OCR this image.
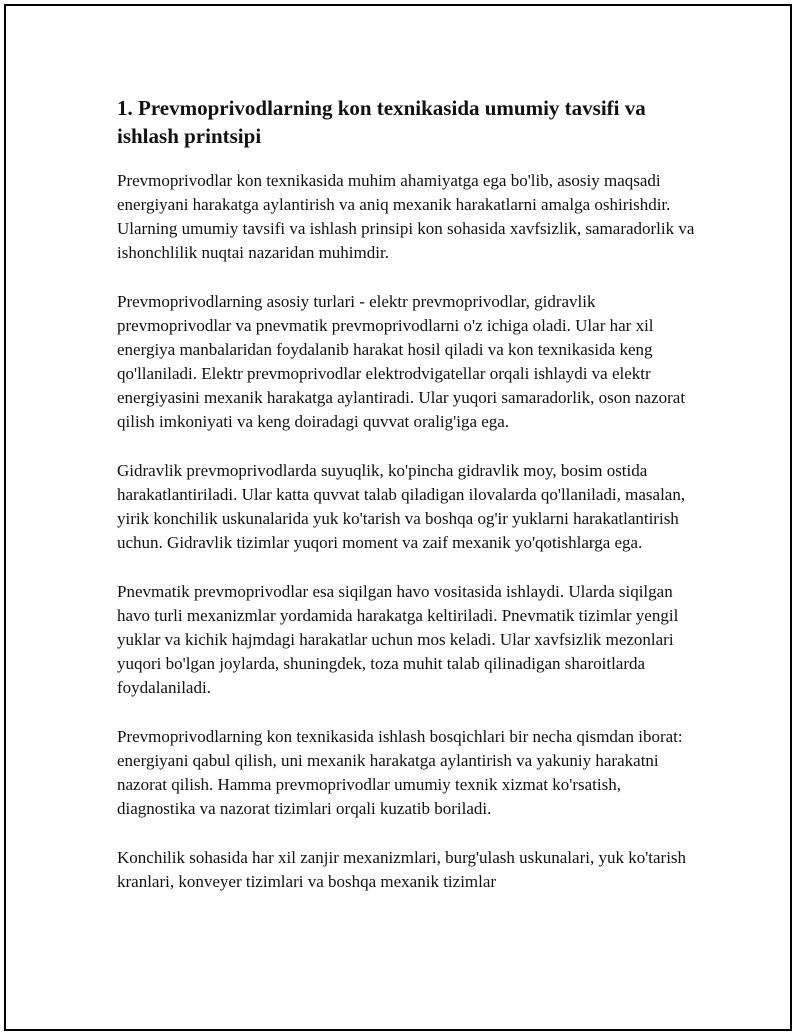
1. Prevmoprivodlarning kon texnikasida umumiy tavsifi va ishlash printsipi

Prevmoprivodlar kon texnikasida muhim ahamiyatga ega bo'lib, asosiy maqsadi energiyani harakatga aylantirish va aniq mexanik harakatlarni amalga oshirishdir. Ularning umumiy tavsifi va ishlash prinsipi kon sohasida xavfsizlik, samaradorlik va ishonchlilik nuqtai nazaridan muhimdir.

Prevmoprivodlarning asosiy turlari - elektr prevmoprivodlar, gidravlik prevmoprivodlar va pnevmatik prevmoprivodlarni o'z ichiga oladi. Ular har xil energiya manbalaridan foydalanib harakat hosil qiladi va kon texnikasida keng qo'llaniladi. Elektr prevmoprivodlar elektrodvigatellar orqali ishlaydi va elektr energiyasini mexanik harakatga aylantiradi. Ular yuqori samaradorlik, oson nazorat qilish imkoniyati va keng doiradagi quvvat oralig'iga ega.

Gidravlik prevmoprivodlarda suyuqlik, ko'pincha gidravlik moy, bosim ostida harakatlantiriladi. Ular katta quvvat talab qiladigan ilovalarda qo'llaniladi, masalan, yirik konchilik uskunalarida yuk ko'tarish va boshqa og'ir yuklarni harakatlantirish uchun. Gidravlik tizimlar yuqori moment va zaif mexanik yo'qotishlarga ega.

Pnevmatik prevmoprivodlar esa siqilgan havo vositasida ishlaydi. Ularda siqilgan havo turli mexanizmlar yordamida harakatga keltiriladi. Pnevmatik tizimlar yengil yuklar va kichik hajmdagi harakatlar uchun mos keladi. Ular xavfsizlik mezonlari yuqori bo'lgan joylarda, shuningdek, toza muhit talab qilinadigan sharoitlarda foydalaniladi.

Prevmoprivodlarning kon texnikasida ishlash bosqichlari bir necha qismdan iborat: energiyani qabul qilish, uni mexanik harakatga aylantirish va yakuniy harakatni nazorat qilish. Hamma prevmoprivodlar umumiy texnik xizmat ko'rsatish, diagnostika va nazorat tizimlari orqali kuzatib boriladi.

Konchilik sohasida har xil zanjir mexanizmlari, burg'ulash uskunalari, yuk ko'tarish kranlari, konveyer tizimlari va boshqa mexanik tizimlar
